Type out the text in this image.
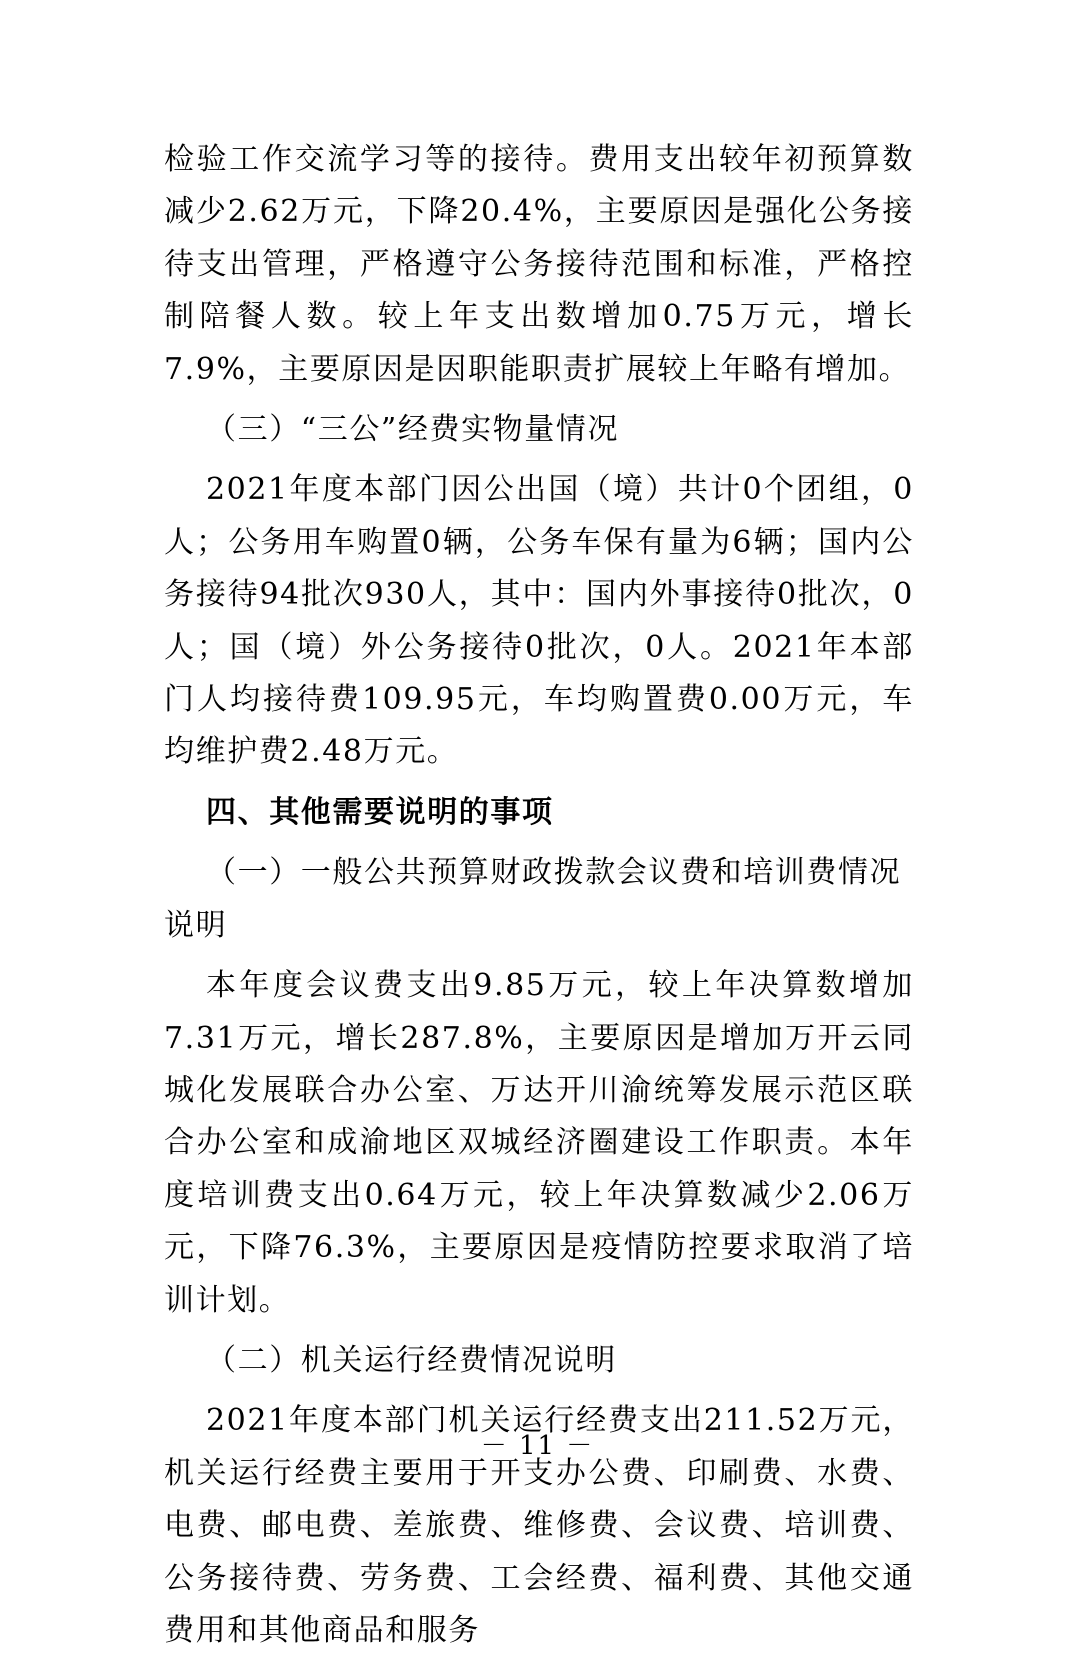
检验工作交流学习等的接待。费用支出较年初预算数减少2.62万元，下降20.4%，主要原因是强化公务接待支出管理，严格遵守公务接待范围和标准，严格控制陪餐人数。较上年支出数增加0.75万元，增长7.9%，主要原因是因职能职责扩展较上年略有增加。

（三）“三公”经费实物量情况

2021年度本部门因公出国（境）共计0个团组，0人；公务用车购置0辆，公务车保有量为6辆；国内公务接待94批次930人，其中：国内外事接待0批次，0人；国（境）外公务接待0批次，0人。2021年本部门人均接待费109.95元，车均购置费0.00万元，车均维护费2.48万元。

四、其他需要说明的事项

（一）一般公共预算财政拨款会议费和培训费情况说明

本年度会议费支出9.85万元，较上年决算数增加7.31万元，增长287.8%，主要原因是增加万开云同城化发展联合办公室、万达开川渝统筹发展示范区联合办公室和成渝地区双城经济圈建设工作职责。本年度培训费支出0.64万元，较上年决算数减少2.06万元，下降76.3%，主要原因是疫情防控要求取消了培训计划。

（二）机关运行经费情况说明

2021年度本部门机关运行经费支出211.52万元，机关运行经费主要用于开支办公费、印刷费、水费、电费、邮电费、差旅费、维修费、会议费、培训费、公务接待费、劳务费、工会经费、福利费、其他交通费用和其他商品和服务

－ 11 －
